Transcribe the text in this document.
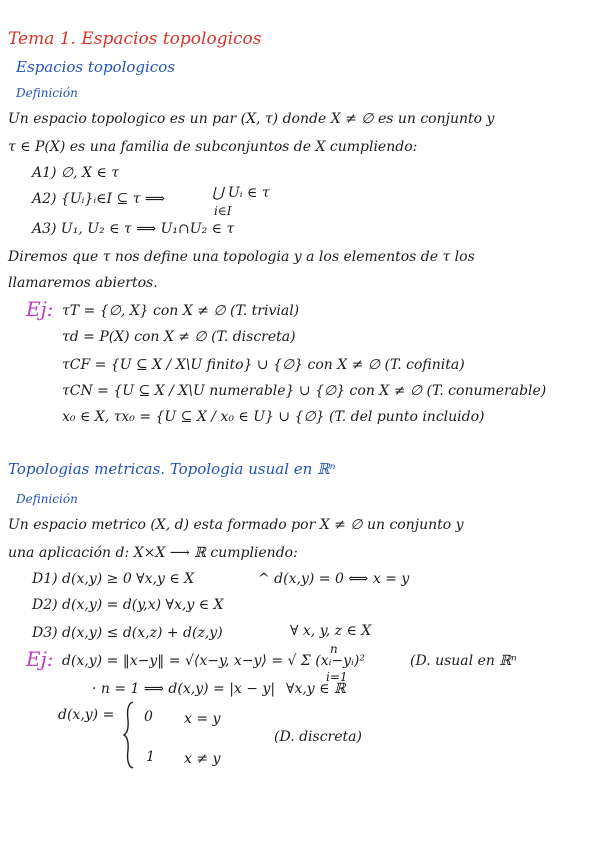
Tema 1. Espacios topologicos
Espacios topologicos
Definición
Un espacio topologico es un par (X, τ) donde X ≠ ∅ es un conjunto y
τ ∈ P(X) es una familia de subconjuntos de X cumpliendo:
A1) ∅, X ∈ τ
A2) {Uᵢ}ᵢ∈I ⊆ τ ⟹	⋃ Uᵢ ∈ τ
i∈I
A3) U₁, U₂ ∈ τ ⟹ U₁∩U₂ ∈ τ
Diremos que τ nos define una topologia y a los elementos de τ los
llamaremos abiertos.
Ej: τT = {∅, X} con X ≠ ∅ (T. trivial)
τd = P(X) con X ≠ ∅ (T. discreta)
τCF = {U ⊆ X / X\U finito} ∪ {∅} con X ≠ ∅ (T. cofinita)
τCN = {U ⊆ X / X\U numerable} ∪ {∅} con X ≠ ∅ (T. conumerable)
x₀ ∈ X, τx₀ = {U ⊆ X / x₀ ∈ U} ∪ {∅} (T. del punto incluido)
Topologias metricas. Topologia usual en ℝⁿ
Definición
Un espacio metrico (X, d) esta formado por X ≠ ∅ un conjunto y
una aplicación d: X×X ⟶ ℝ cumpliendo:
D1) d(x,y) ≥ 0 ∀x,y ∈ X	^ d(x,y) = 0 ⟺ x = y
D2) d(x,y) = d(y,x) ∀x,y ∈ X
D3) d(x,y) ≤ d(x,z) + d(z,y)	∀ x, y, z ∈ X
Ej: d(x,y) = ‖x−y‖ = √⟨x−y, x−y⟩ = √ Σ (xᵢ−yᵢ)²
n
i=1
(D. usual en ℝⁿ
· n = 1 ⟹ d(x,y) = |x − y| ∀x,y ∈ ℝ
d(x,y) = 0 x = y
1 x ≠ y
(D. discreta)
